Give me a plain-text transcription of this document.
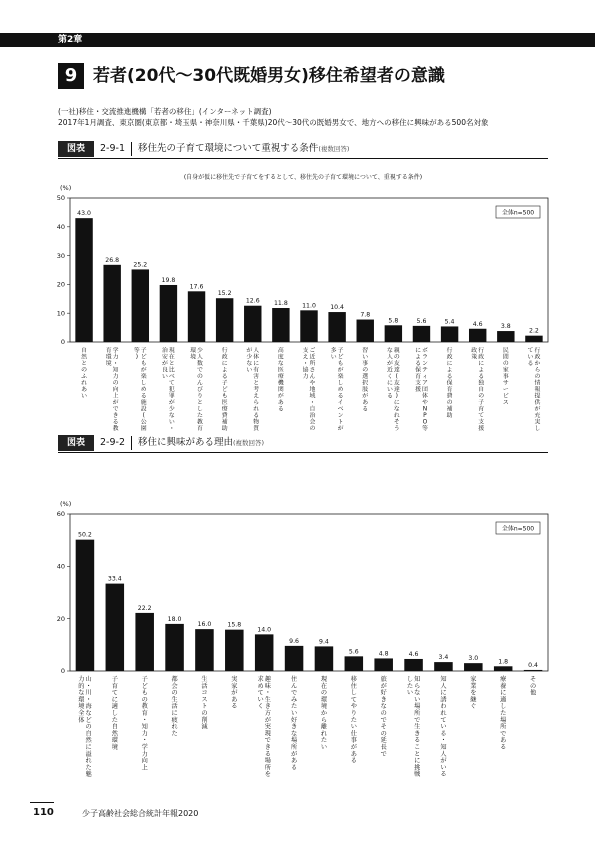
第2章
9 若者(20代〜30代既婚男女)移住希望者の意識
(一社)移住・交流推進機構「若者の移住」(インターネット調査)
2017年1月調査、東京圏(東京都・埼玉県・神奈川県・千葉県)20代〜30代の既婚男女で、地方への移住に興味がある500名対象
図表	2-9-1 移住先の子育て環境について重視する条件(複数回答)
(自身が仮に移住先で子育てをするとして、移住先の子育て環境について、重視する条件)
(%)
0
10
20
30
40
50
全体n=500
43.0
自
然
と
の
ふ
れ
あ
い
26.8
学
力
・
知
力
の
向
上
が
で
き
る
教
育
環
境
25.2
子
ど
も
が
楽
し
め
る
施
設
(
公
園
等
)
19.8
現
在
と
比
べ
て
犯
罪
が
少
な
い
・
治
安
が
良
い
17.6
少
人
数
で
の
ん
び
り
と
し
た
教
育
環
境
15.2
行
政
に
よ
る
子
ど
も
医
療
費
補
助
12.6
人
体
に
有
害
と
考
え
ら
れ
る
物
質
が
少
な
い
11.8
高
度
な
医
療
機
関
が
あ
る
11.0
ご
近
所
さ
ん
や
地
域
・
自
治
会
の
支
え
・
協
力
10.4
子
ど
も
が
楽
し
め
る
イ
ベ
ン
ト
が
多
い
7.8
習
い
事
の
選
択
肢
が
あ
る
5.8
親
の
友
達
(
友
達
)
に
な
れ
そ
う
な
人
が
近
く
に
い
る
5.6
ボ
ラ
ン
テ
ィ
ア
団
体
や
N
P
O
等
に
よ
る
保
育
支
援
5.4
行
政
に
よ
る
保
育
費
の
補
助
4.6
行
政
に
よ
る
独
自
の
子
育
て
支
援
政
策
3.8
民
間
の
家
事
サ
ー
ビ
ス
2.2
行
政
か
ら
の
情
報
提
供
が
充
実
し
て
い
る
図表	2-9-2 移住に興味がある理由(複数回答)
(%)
0
20
40
60
全体n=500
50.2
山
・
川
・
海
な
ど
の
自
然
に
溢
れ
た
魅
力
的
な
環
境
全
体
33.4
子
育
て
に
適
し
た
自
然
環
境
22.2
子
ど
も
の
教
育
・
知
力
・
学
力
向
上
18.0
都
会
の
生
活
に
疲
れ
た
16.0
生
活
コ
ス
ト
の
削
減
15.8
実
家
が
あ
る
14.0
趣
味
・
生
き
方
が
実
現
で
き
る
場
所
を
求
め
て
い
く
9.6
住
ん
で
み
た
い
好
き
な
場
所
が
あ
る
9.4
現
在
の
環
境
か
ら
離
れ
た
い
5.6
移
住
し
て
や
り
た
い
仕
事
が
あ
る
4.8
旅
が
好
き
な
の
で
そ
の
延
長
で
4.6
知
ら
な
い
場
所
で
生
き
る
こ
と
に
挑
戦
し
た
い
3.4
知
人
に
誘
わ
れ
て
い
る
・
知
人
が
い
る
3.0
家
業
を
継
ぐ
1.8
療
養
に
適
し
た
場
所
で
あ
る
0.4
そ
の
他
110	少子高齢社会総合統計年報2020
